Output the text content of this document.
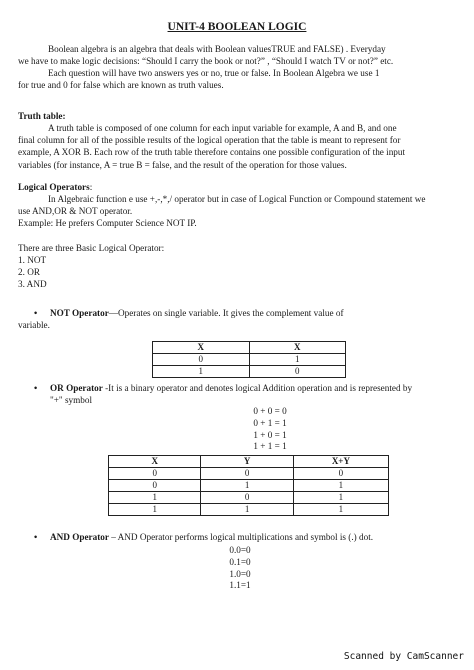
UNIT-4 BOOLEAN LOGIC

Boolean algebra is an algebra that deals with Boolean valuesTRUE and FALSE) . Everyday

we have to make logic decisions: “Should I carry the book or not?” , “Should I watch TV or not?” etc.

Each question will have two answers yes or no, true or false. In Boolean Algebra we use 1

for true and 0 for false which are known as truth values.

Truth table:

A truth table is composed of one column for each input variable for example, A and B, and one

final column for all of the possible results of the logical operation that the table is meant to represent for

example, A XOR B. Each row of the truth table therefore contains one possible configuration of the input

variables (for instance, A = true B = false, and the result of the operation for those values.

Logical Operators:

In Algebraic function e use +,-,*,/ operator but in case of Logical Function or Compound statement we

use AND,OR & NOT operator.

Example: He prefers Computer Science NOT IP.

There are three Basic Logical Operator:

1. NOT

2. OR

3. AND

• NOT Operator—Operates on single variable. It gives the complement value of

variable.

X	$\overline{X}$
0	1
1	0
• OR Operator -It is a binary operator and denotes logical Addition operation and is represented by

"+" symbol

0 + 0 = 0

0 + 1 = 1

1 + 0 = 1

1 + 1 = 1

X	Y	X+Y
0	0	0
0	1	1
1	0	1
1	1	1
• AND Operator – AND Operator performs logical multiplications and symbol is (.) dot.

0.0=0

0.1=0

1.0=0

1.1=1

Scanned by CamScanner
